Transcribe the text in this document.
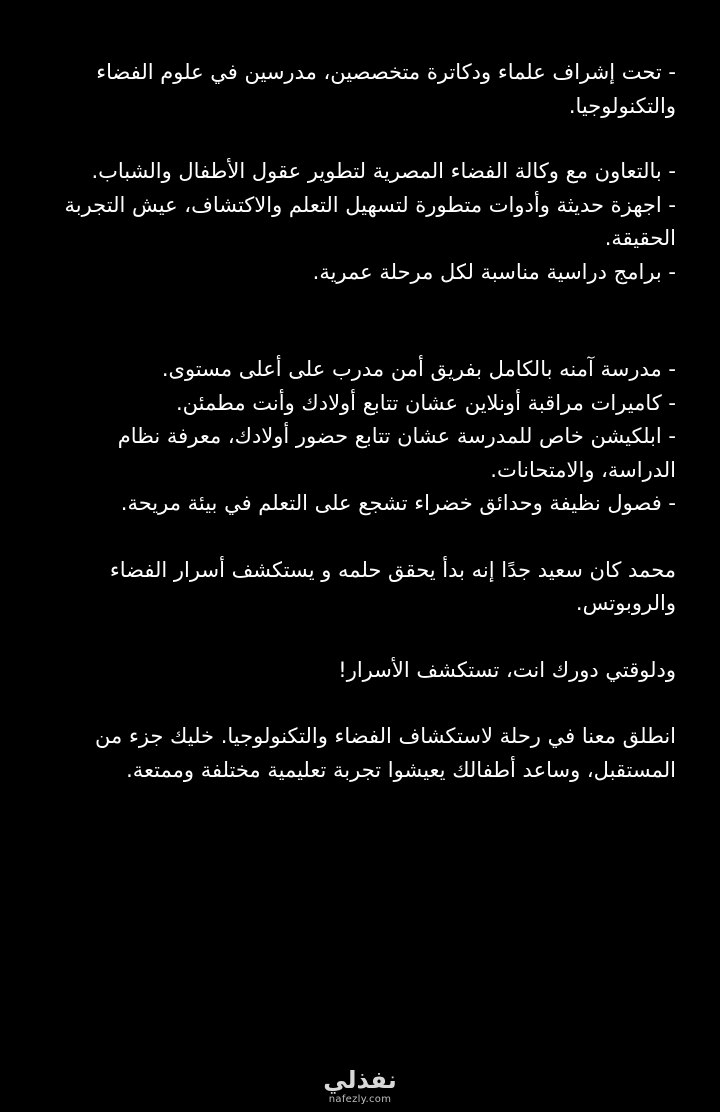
- تحت إشراف علماء ودكاترة متخصصين، مدرسين في علوم الفضاء والتكنولوجيا.

- بالتعاون مع وكالة الفضاء المصرية لتطوير عقول الأطفال والشباب.

- اجهزة حديثة وأدوات متطورة لتسهيل التعلم والاكتشاف، عيش التجربة الحقيقة.

- برامج دراسية مناسبة لكل مرحلة عمرية.

- مدرسة آمنه بالكامل بفريق أمن مدرب على أعلى مستوى.

- كاميرات مراقبة أونلاين عشان تتابع أولادك وأنت مطمئن.

- ابلكيشن خاص للمدرسة عشان تتابع حضور أولادك، معرفة نظام الدراسة، والامتحانات.

- فصول نظيفة وحدائق خضراء تشجع على التعلم في بيئة مريحة.

محمد كان سعيد جدًا إنه بدأ يحقق حلمه و يستكشف أسرار الفضاء والروبوتس.

ودلوقتي دورك انت، تستكشف الأسرار!

انطلق معنا في رحلة لاستكشاف الفضاء والتكنولوجيا. خليك جزء من المستقبل، وساعد أطفالك يعيشوا تجربة تعليمية مختلفة وممتعة.

نفذلي
nafezly.com
